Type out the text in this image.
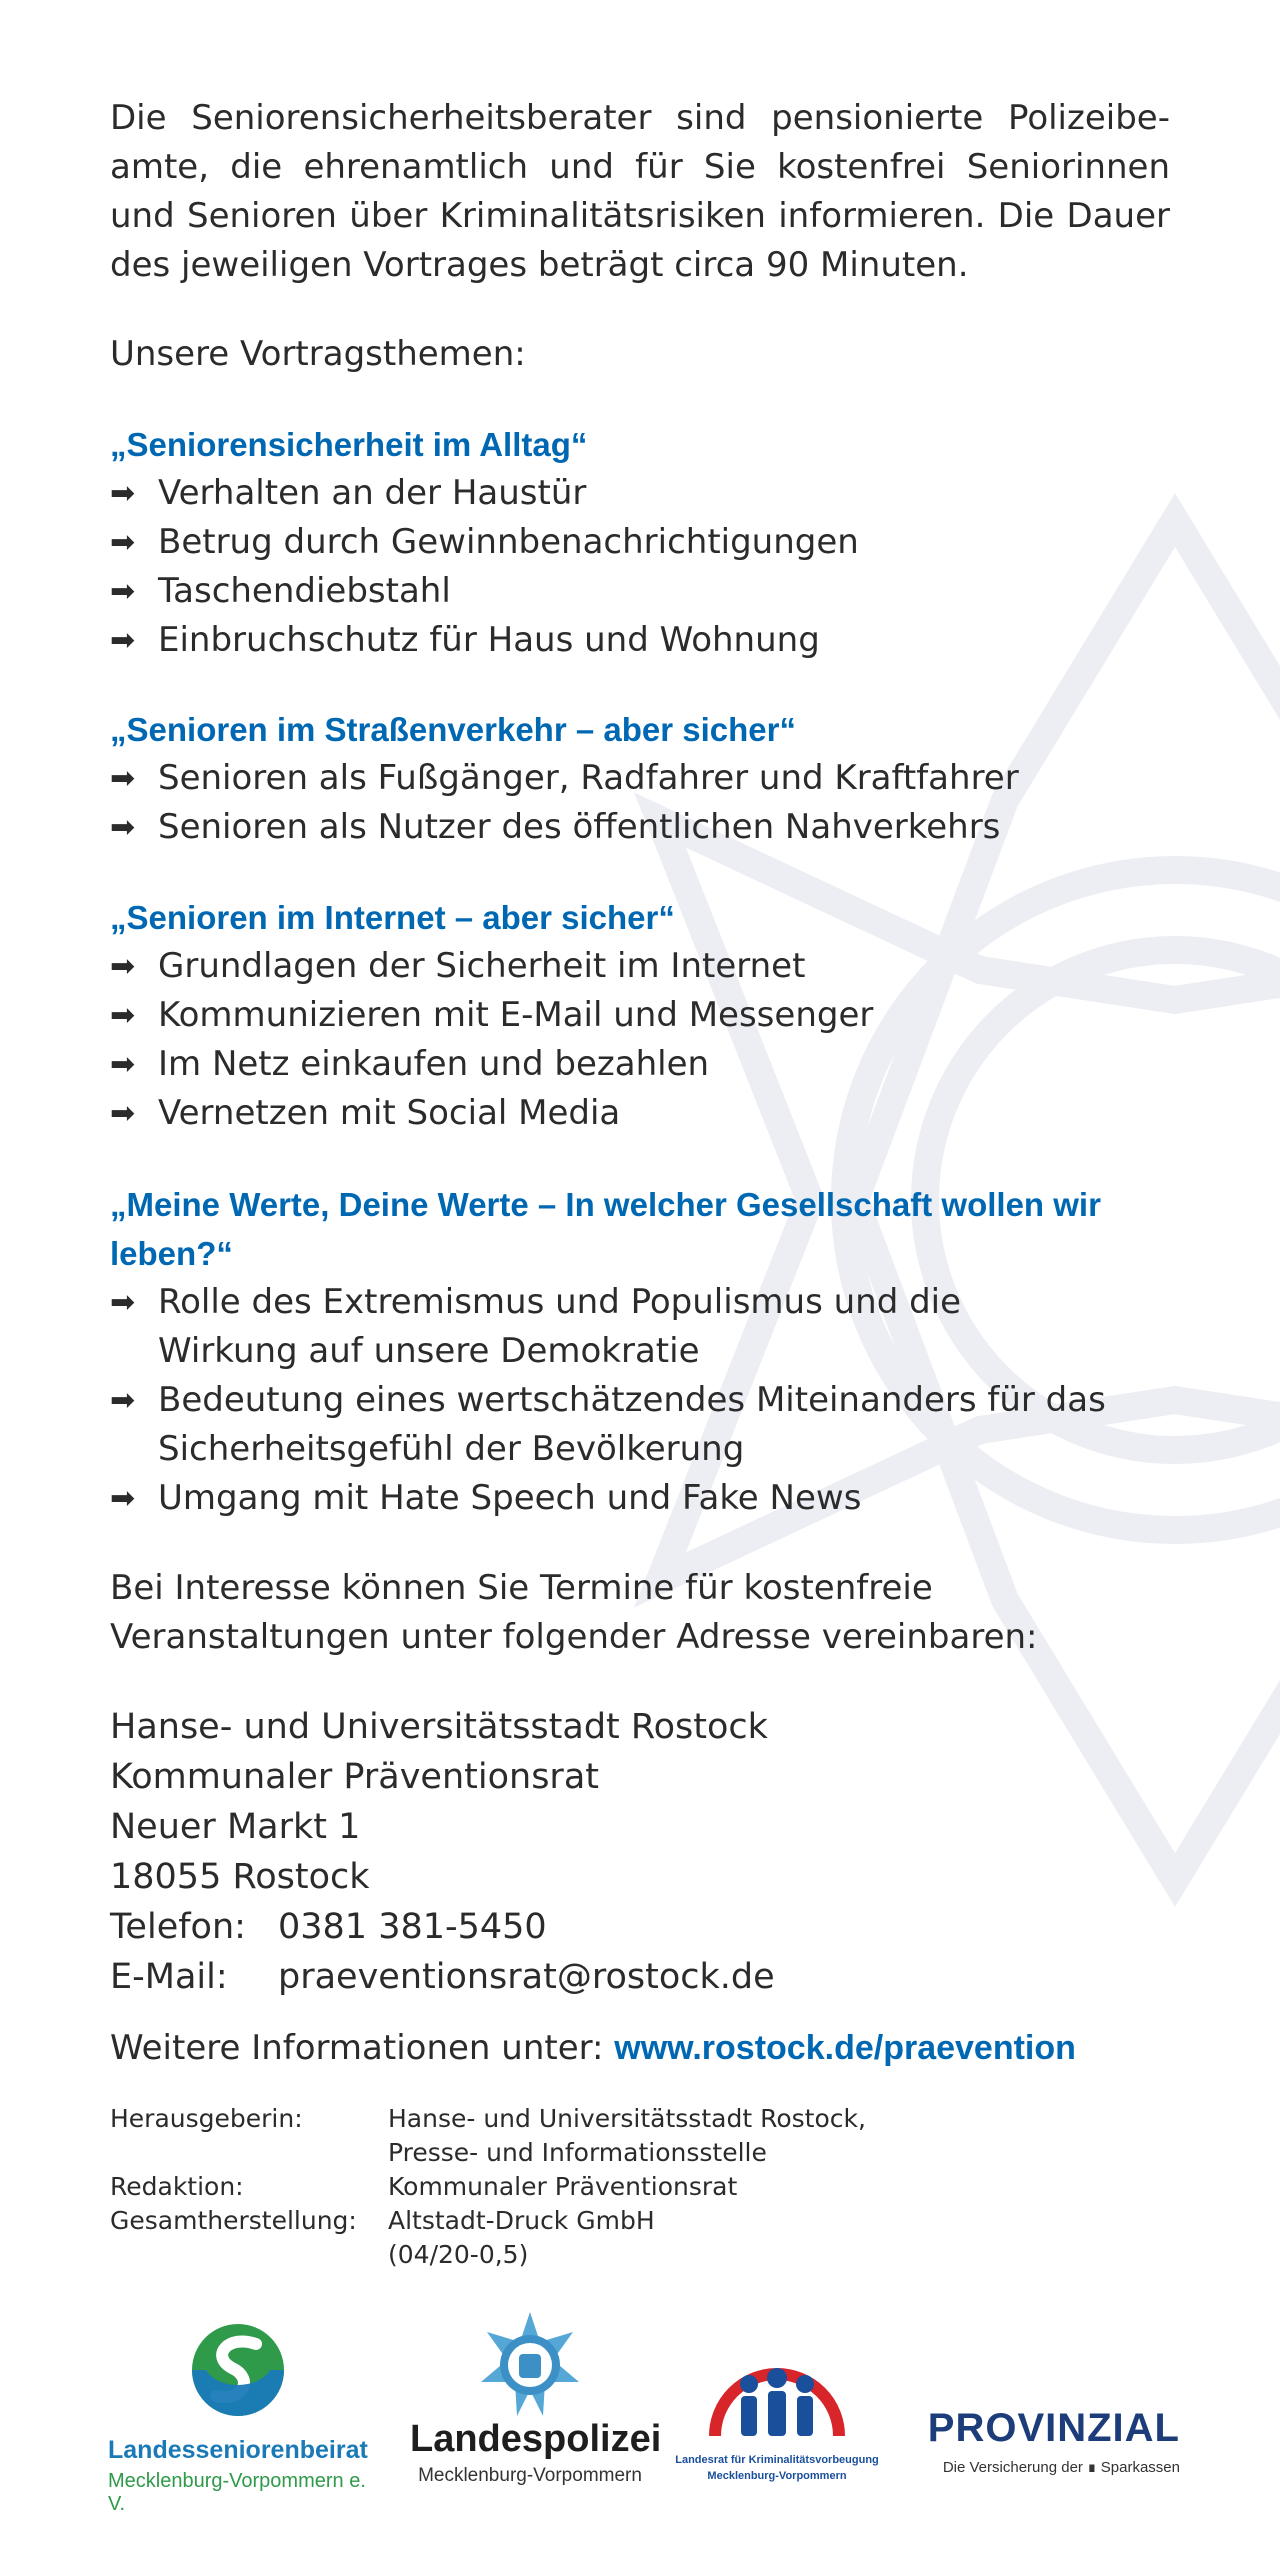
Die Seniorensicherheitsberater sind pensionierte Polizeibeamte, die ehrenamtlich und für Sie kostenfrei Seniorinnen und Senioren über Kriminalitätsrisiken informieren. Die Dauer des jeweiligen Vortrages beträgt circa 90 Minuten.

Unsere Vortragsthemen:

„Seniorensicherheit im Alltag“
➡ Verhalten an der Haustür
➡ Betrug durch Gewinnbenachrichtigungen
➡ Taschendiebstahl
➡ Einbruchschutz für Haus und Wohnung
„Senioren im Straßenverkehr – aber sicher“
➡ Senioren als Fußgänger, Radfahrer und Kraftfahrer
➡ Senioren als Nutzer des öffentlichen Nahverkehrs
„Senioren im Internet – aber sicher“
➡ Grundlagen der Sicherheit im Internet
➡ Kommunizieren mit E-Mail und Messenger
➡ Im Netz einkaufen und bezahlen
➡ Vernetzen mit Social Media
„Meine Werte, Deine Werte – In welcher Gesellschaft wollen wir leben?“
➡ Rolle des Extremismus und Populismus und die Wirkung auf unsere Demokratie
➡ Bedeutung eines wertschätzendes Miteinanders für das Sicherheitsgefühl der Bevölkerung
➡ Umgang mit Hate Speech und Fake News

Bei Interesse können Sie Termine für kostenfreie Veranstaltungen unter folgender Adresse vereinbaren:

Hanse- und Universitätsstadt Rostock
Kommunaler Präventionsrat
Neuer Markt 1
18055 Rostock
Telefon: 0381 381-5450
E-Mail:	praeventionsrat@rostock.de

Weitere Informationen unter: www.rostock.de/praevention

Herausgeberin:	Hanse- und Universitätsstadt Rostock,
Presse- und Informationsstelle
Redaktion:	Kommunaler Präventionsrat
Gesamtherstellung:	Altstadt-Druck GmbH
(04/20-0,5)
Landesseniorenbeirat
Mecklenburg-Vorpommern e. V.
Landespolizei
Mecklenburg-Vorpommern
Landesrat für Kriminalitätsvorbeugung
Mecklenburg-Vorpommern
PROVINZIAL
Die Versicherung der ∎ Sparkassen
